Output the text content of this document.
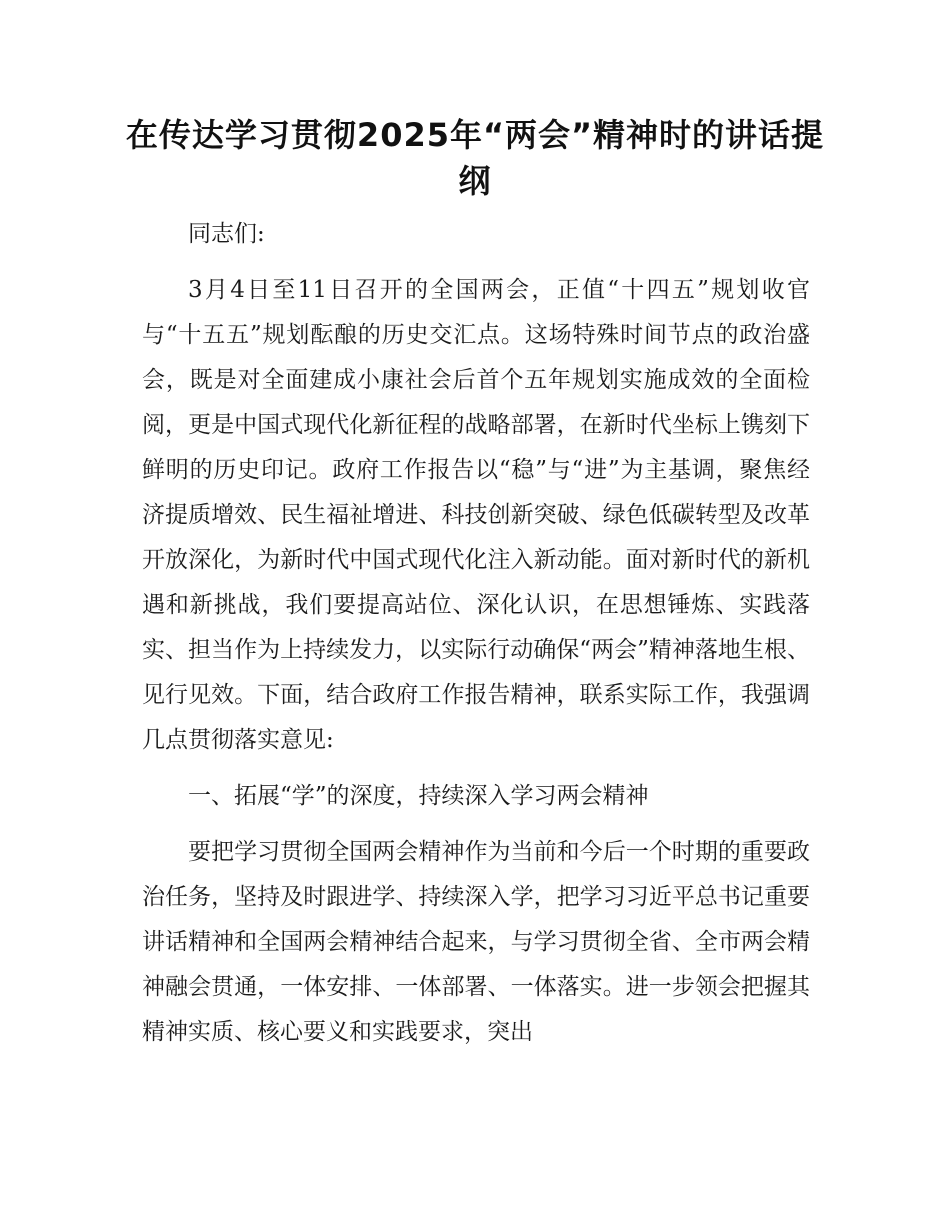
在传达学习贯彻2025年“两会”精神时的讲话提纲

同志们:

3月4日至11日召开的全国两会，正值“十四五”规划收官与“十五五”规划酝酿的历史交汇点。这场特殊时间节点的政治盛会，既是对全面建成小康社会后首个五年规划实施成效的全面检阅，更是中国式现代化新征程的战略部署，在新时代坐标上镌刻下鲜明的历史印记。政府工作报告以“稳”与“进”为主基调，聚焦经济提质增效、民生福祉增进、科技创新突破、绿色低碳转型及改革开放深化，为新时代中国式现代化注入新动能。面对新时代的新机遇和新挑战，我们要提高站位、深化认识，在思想锤炼、实践落实、担当作为上持续发力，以实际行动确保“两会”精神落地生根、见行见效。下面，结合政府工作报告精神，联系实际工作，我强调几点贯彻落实意见:

一、拓展“学”的深度，持续深入学习两会精神

要把学习贯彻全国两会精神作为当前和今后一个时期的重要政治任务，坚持及时跟进学、持续深入学，把学习习近平总书记重要讲话精神和全国两会精神结合起来，与学习贯彻全省、全市两会精神融会贯通，一体安排、一体部署、一体落实。进一步领会把握其精神实质、核心要义和实践要求，突出
